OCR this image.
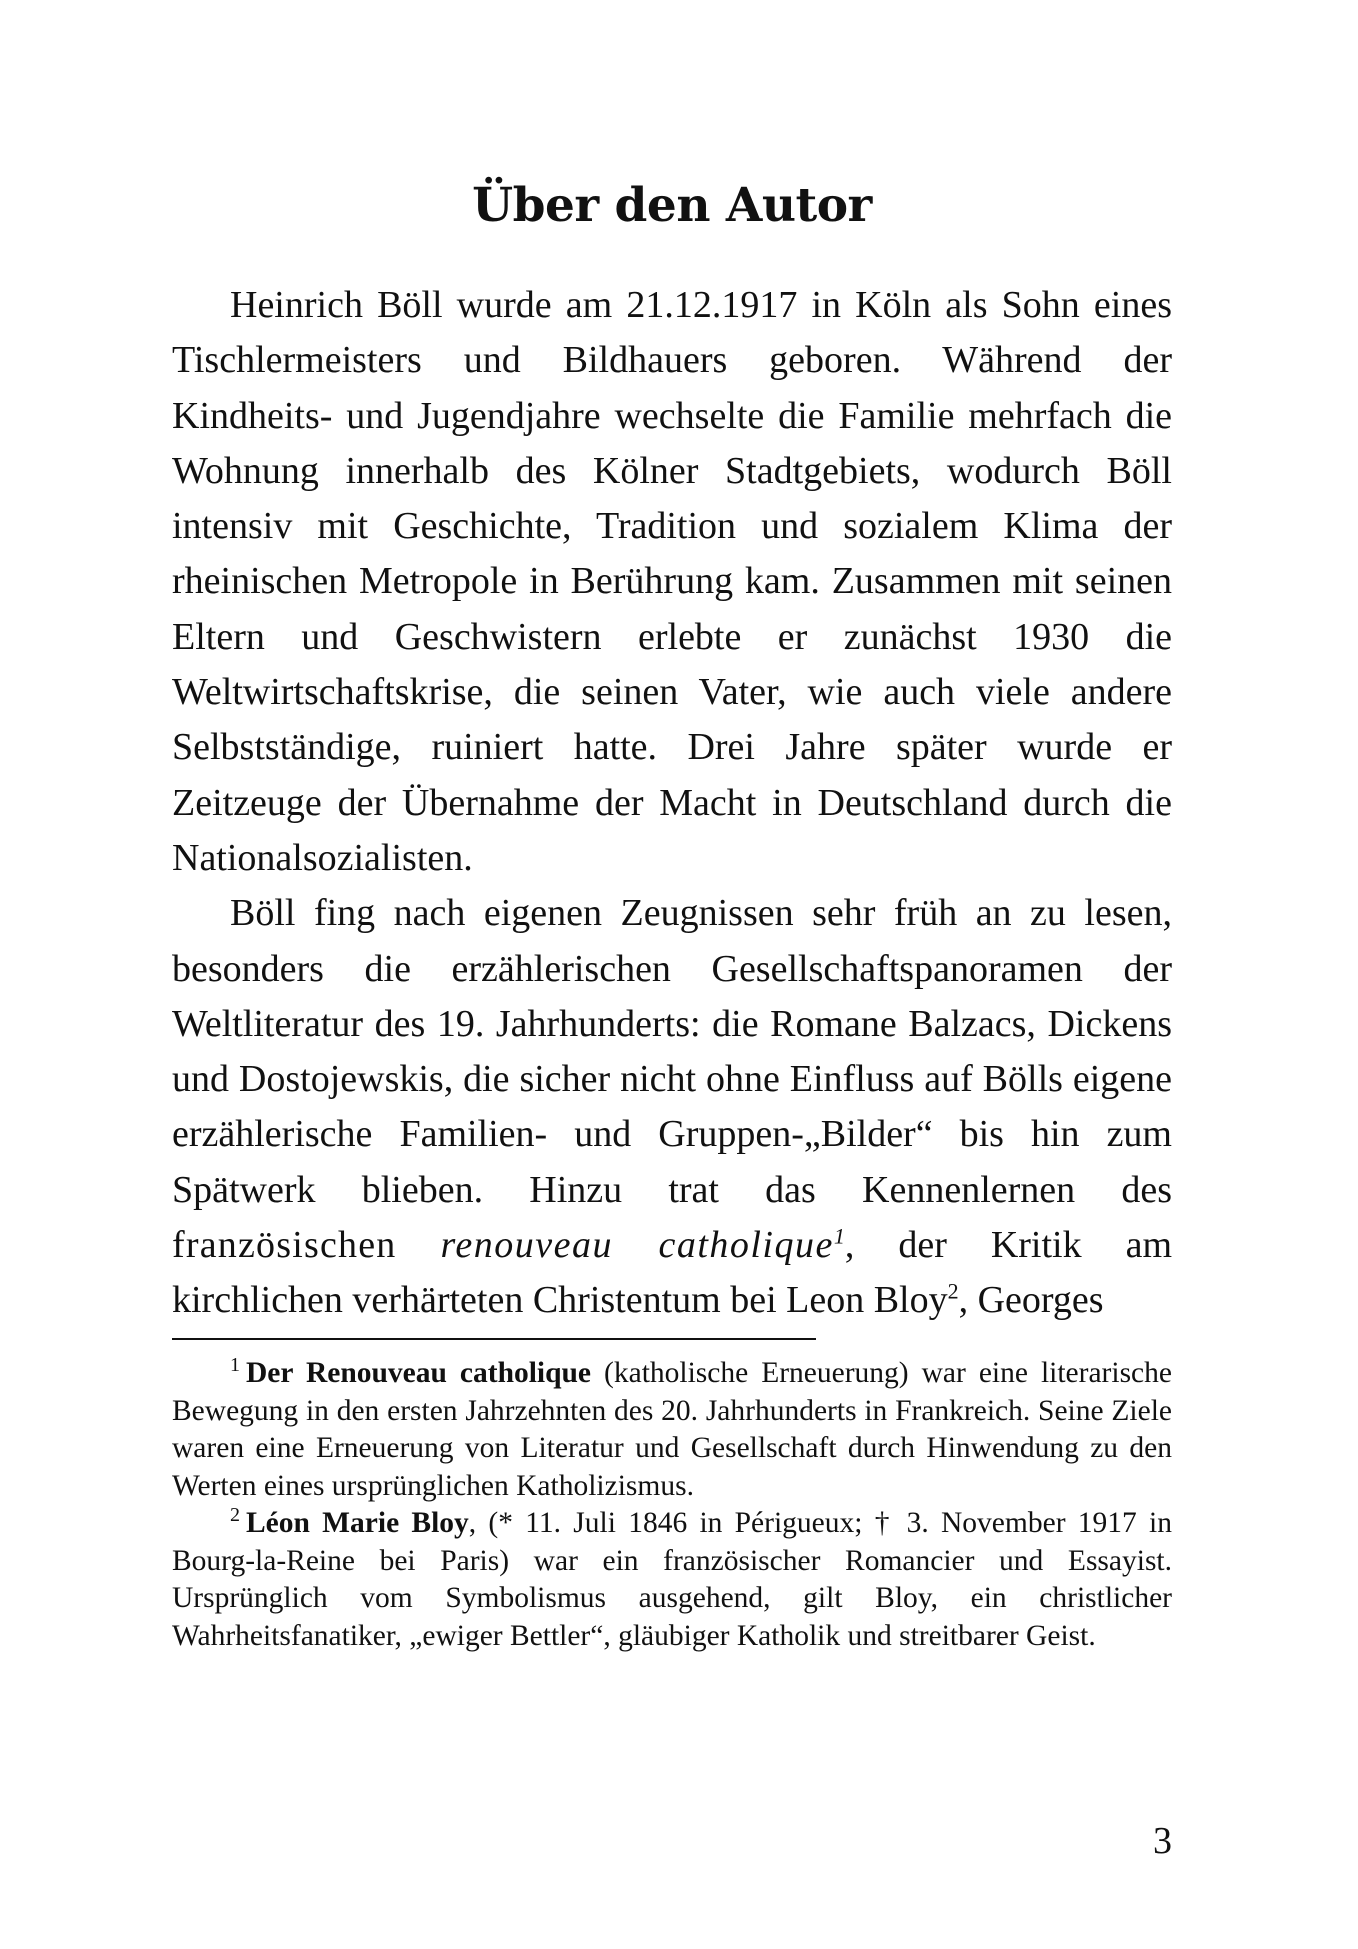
Über den Autor

Heinrich Böll wurde am 21.12.1917 in Köln als Sohn eines Tischlermeisters und Bildhauers geboren. Während der Kindheits- und Jugendjahre wechselte die Familie mehrfach die Wohnung innerhalb des Kölner Stadtgebiets, wodurch Böll intensiv mit Geschichte, Tradition und sozialem Klima der rheinischen Metropole in Berührung kam. Zusammen mit seinen Eltern und Geschwistern erlebte er zunächst 1930 die Weltwirtschaftskrise, die seinen Vater, wie auch viele andere Selbstständige, ruiniert hatte. Drei Jahre später wurde er Zeitzeuge der Übernahme der Macht in Deutschland durch die Nationalsozialisten.

Böll fing nach eigenen Zeugnissen sehr früh an zu lesen, besonders die erzählerischen Gesellschaftspanoramen der Weltliteratur des 19. Jahrhunderts: die Romane Balzacs, Dickens und Dostojewskis, die sicher nicht ohne Einfluss auf Bölls eigene erzählerische Familien- und Gruppen-„Bilder“ bis hin zum Spätwerk blieben. Hinzu trat das Kennenlernen des französischen renouveau catholique$^1$, der Kritik am kirchlichen verhärteten Christentum bei Leon Bloy$^2$, Georges

$^1$ Der Renouveau catholique (katholische Erneuerung) war eine literarische Bewegung in den ersten Jahrzehnten des 20. Jahrhunderts in Frankreich. Seine Ziele waren eine Erneuerung von Literatur und Gesellschaft durch Hinwendung zu den Werten eines ursprünglichen Katholizismus.

$^2$ Léon Marie Bloy, (* 11. Juli 1846 in Périgueux; † 3. November 1917 in Bourg-la-Reine bei Paris) war ein französischer Romancier und Essayist. Ursprünglich vom Symbolismus ausgehend, gilt Bloy, ein christlicher Wahrheitsfanatiker, „ewiger Bettler“, gläubiger Katholik und streitbarer Geist.

3
